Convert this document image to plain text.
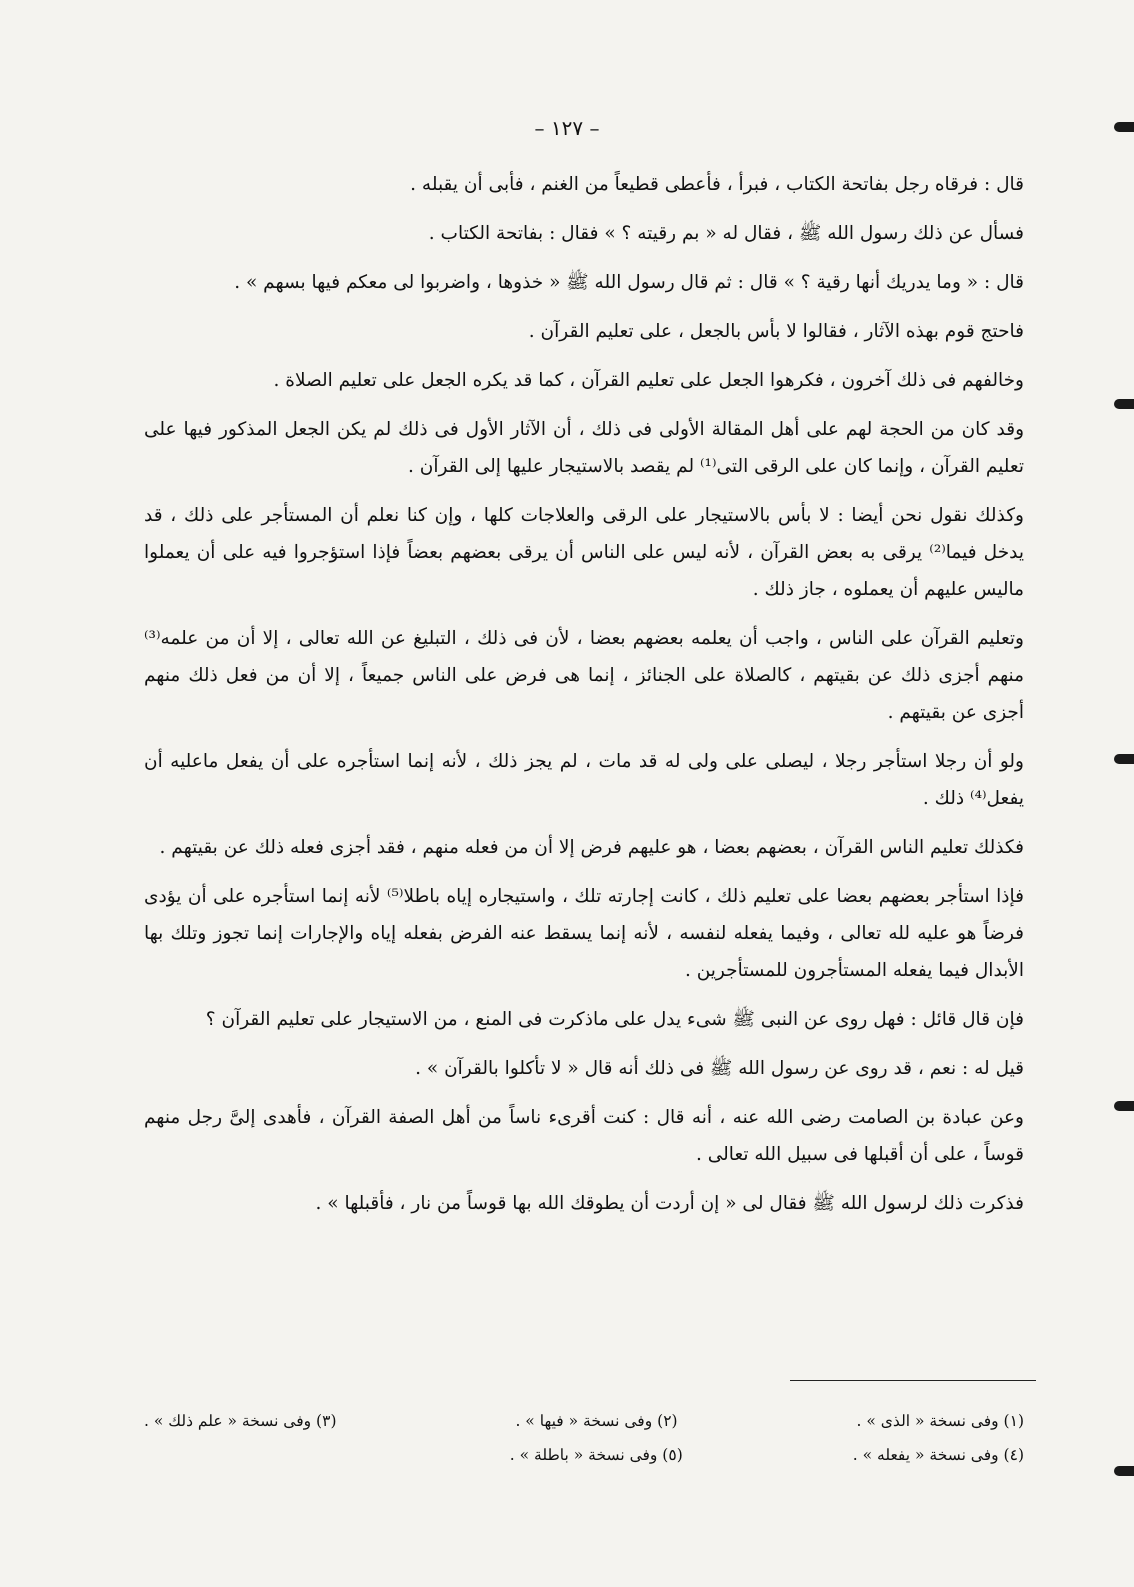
– ١٢٧ –

قال : فرقاه رجل بفاتحة الكتاب ، فبرأ ، فأعطى قطيعاً من الغنم ، فأبى أن يقبله .

فسأل عن ذلك رسول الله ﷺ ، فقال له « بم رقيته ؟ » فقال : بفاتحة الكتاب .

قال : « وما يدريك أنها رقية ؟ » قال : ثم قال رسول الله ﷺ « خذوها ، واضربوا لى معكم فيها بسهم » .

فاحتج قوم بهذه الآثار ، فقالوا لا بأس بالجعل ، على تعليم القرآن .

وخالفهم فى ذلك آخرون ، فكرهوا الجعل على تعليم القرآن ، كما قد يكره الجعل على تعليم الصلاة .

وقد كان من الحجة لهم على أهل المقالة الأولى فى ذلك ، أن الآثار الأول فى ذلك لم يكن الجعل المذكور فيها على تعليم القرآن ، وإنما كان على الرقى التى⁽¹⁾ لم يقصد بالاستيجار عليها إلى القرآن .

وكذلك نقول نحن أيضا : لا بأس بالاستيجار على الرقى والعلاجات كلها ، وإن كنا نعلم أن المستأجر على ذلك ، قد يدخل فيما⁽²⁾ يرقى به بعض القرآن ، لأنه ليس على الناس أن يرقى بعضهم بعضاً فإذا استؤجروا فيه على أن يعملوا ماليس عليهم أن يعملوه ، جاز ذلك .

وتعليم القرآن على الناس ، واجب أن يعلمه بعضهم بعضا ، لأن فى ذلك ، التبليغ عن الله تعالى ، إلا أن من علمه⁽³⁾ منهم أجزى ذلك عن بقيتهم ، كالصلاة على الجنائز ، إنما هى فرض على الناس جميعاً ، إلا أن من فعل ذلك منهم أجزى عن بقيتهم .

ولو أن رجلا استأجر رجلا ، ليصلى على ولى له قد مات ، لم يجز ذلك ، لأنه إنما استأجره على أن يفعل ماعليه أن يفعل⁽⁴⁾ ذلك .

فكذلك تعليم الناس القرآن ، بعضهم بعضا ، هو عليهم فرض إلا أن من فعله منهم ، فقد أجزى فعله ذلك عن بقيتهم .

فإذا استأجر بعضهم بعضا على تعليم ذلك ، كانت إجارته تلك ، واستيجاره إياه باطلا⁽⁵⁾ لأنه إنما استأجره على أن يؤدى فرضاً هو عليه لله تعالى ، وفيما يفعله لنفسه ، لأنه إنما يسقط عنه الفرض بفعله إياه والإجارات إنما تجوز وتلك بها الأبدال فيما يفعله المستأجرون للمستأجرين .

فإن قال قائل : فهل روى عن النبى ﷺ شىء يدل على ماذكرت فى المنع ، من الاستيجار على تعليم القرآن ؟

قيل له : نعم ، قد روى عن رسول الله ﷺ فى ذلك أنه قال « لا تأكلوا بالقرآن » .

وعن عبادة بن الصامت رضى الله عنه ، أنه قال : كنت أقرىء ناساً من أهل الصفة القرآن ، فأهدى إلىَّ رجل منهم قوساً ، على أن أقبلها فى سبيل الله تعالى .

فذكرت ذلك لرسول الله ﷺ فقال لى « إن أردت أن يطوقك الله بها قوساً من نار ، فأقبلها » .

(١) وفى نسخة « الذى » .
(٢) وفى نسخة « فيها » .
(٣) وفى نسخة « علم ذلك » .
(٤) وفى نسخة « يفعله » .
(٥) وفى نسخة « باطلة » .
